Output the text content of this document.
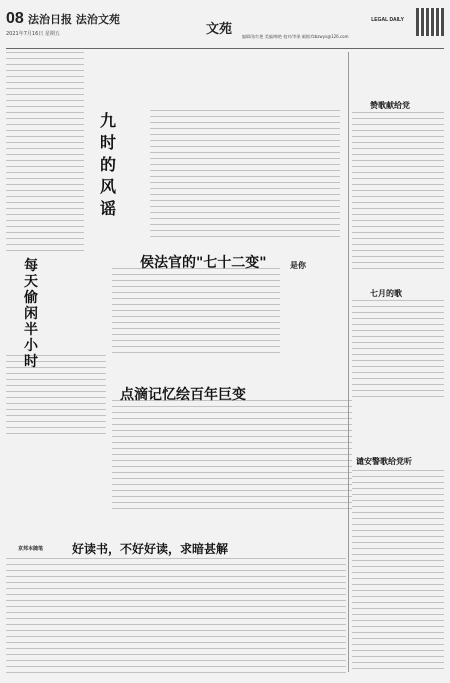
08 法治日报 法治文苑
2021年7月16日 星期五	文苑 编辑/张红艳 美编/韩艳 校对/李果 邮箱:fzbzwys@126.com
LEGAL DAILY
九时的风谣
每天偷闲半小时
侯法官的"七十二变"	是你
点滴记忆绘百年巨变
京邦本随笔 好读书，不好好读，求暗甚解
赞歌献给党
七月的歌
谴安警歌给党听
